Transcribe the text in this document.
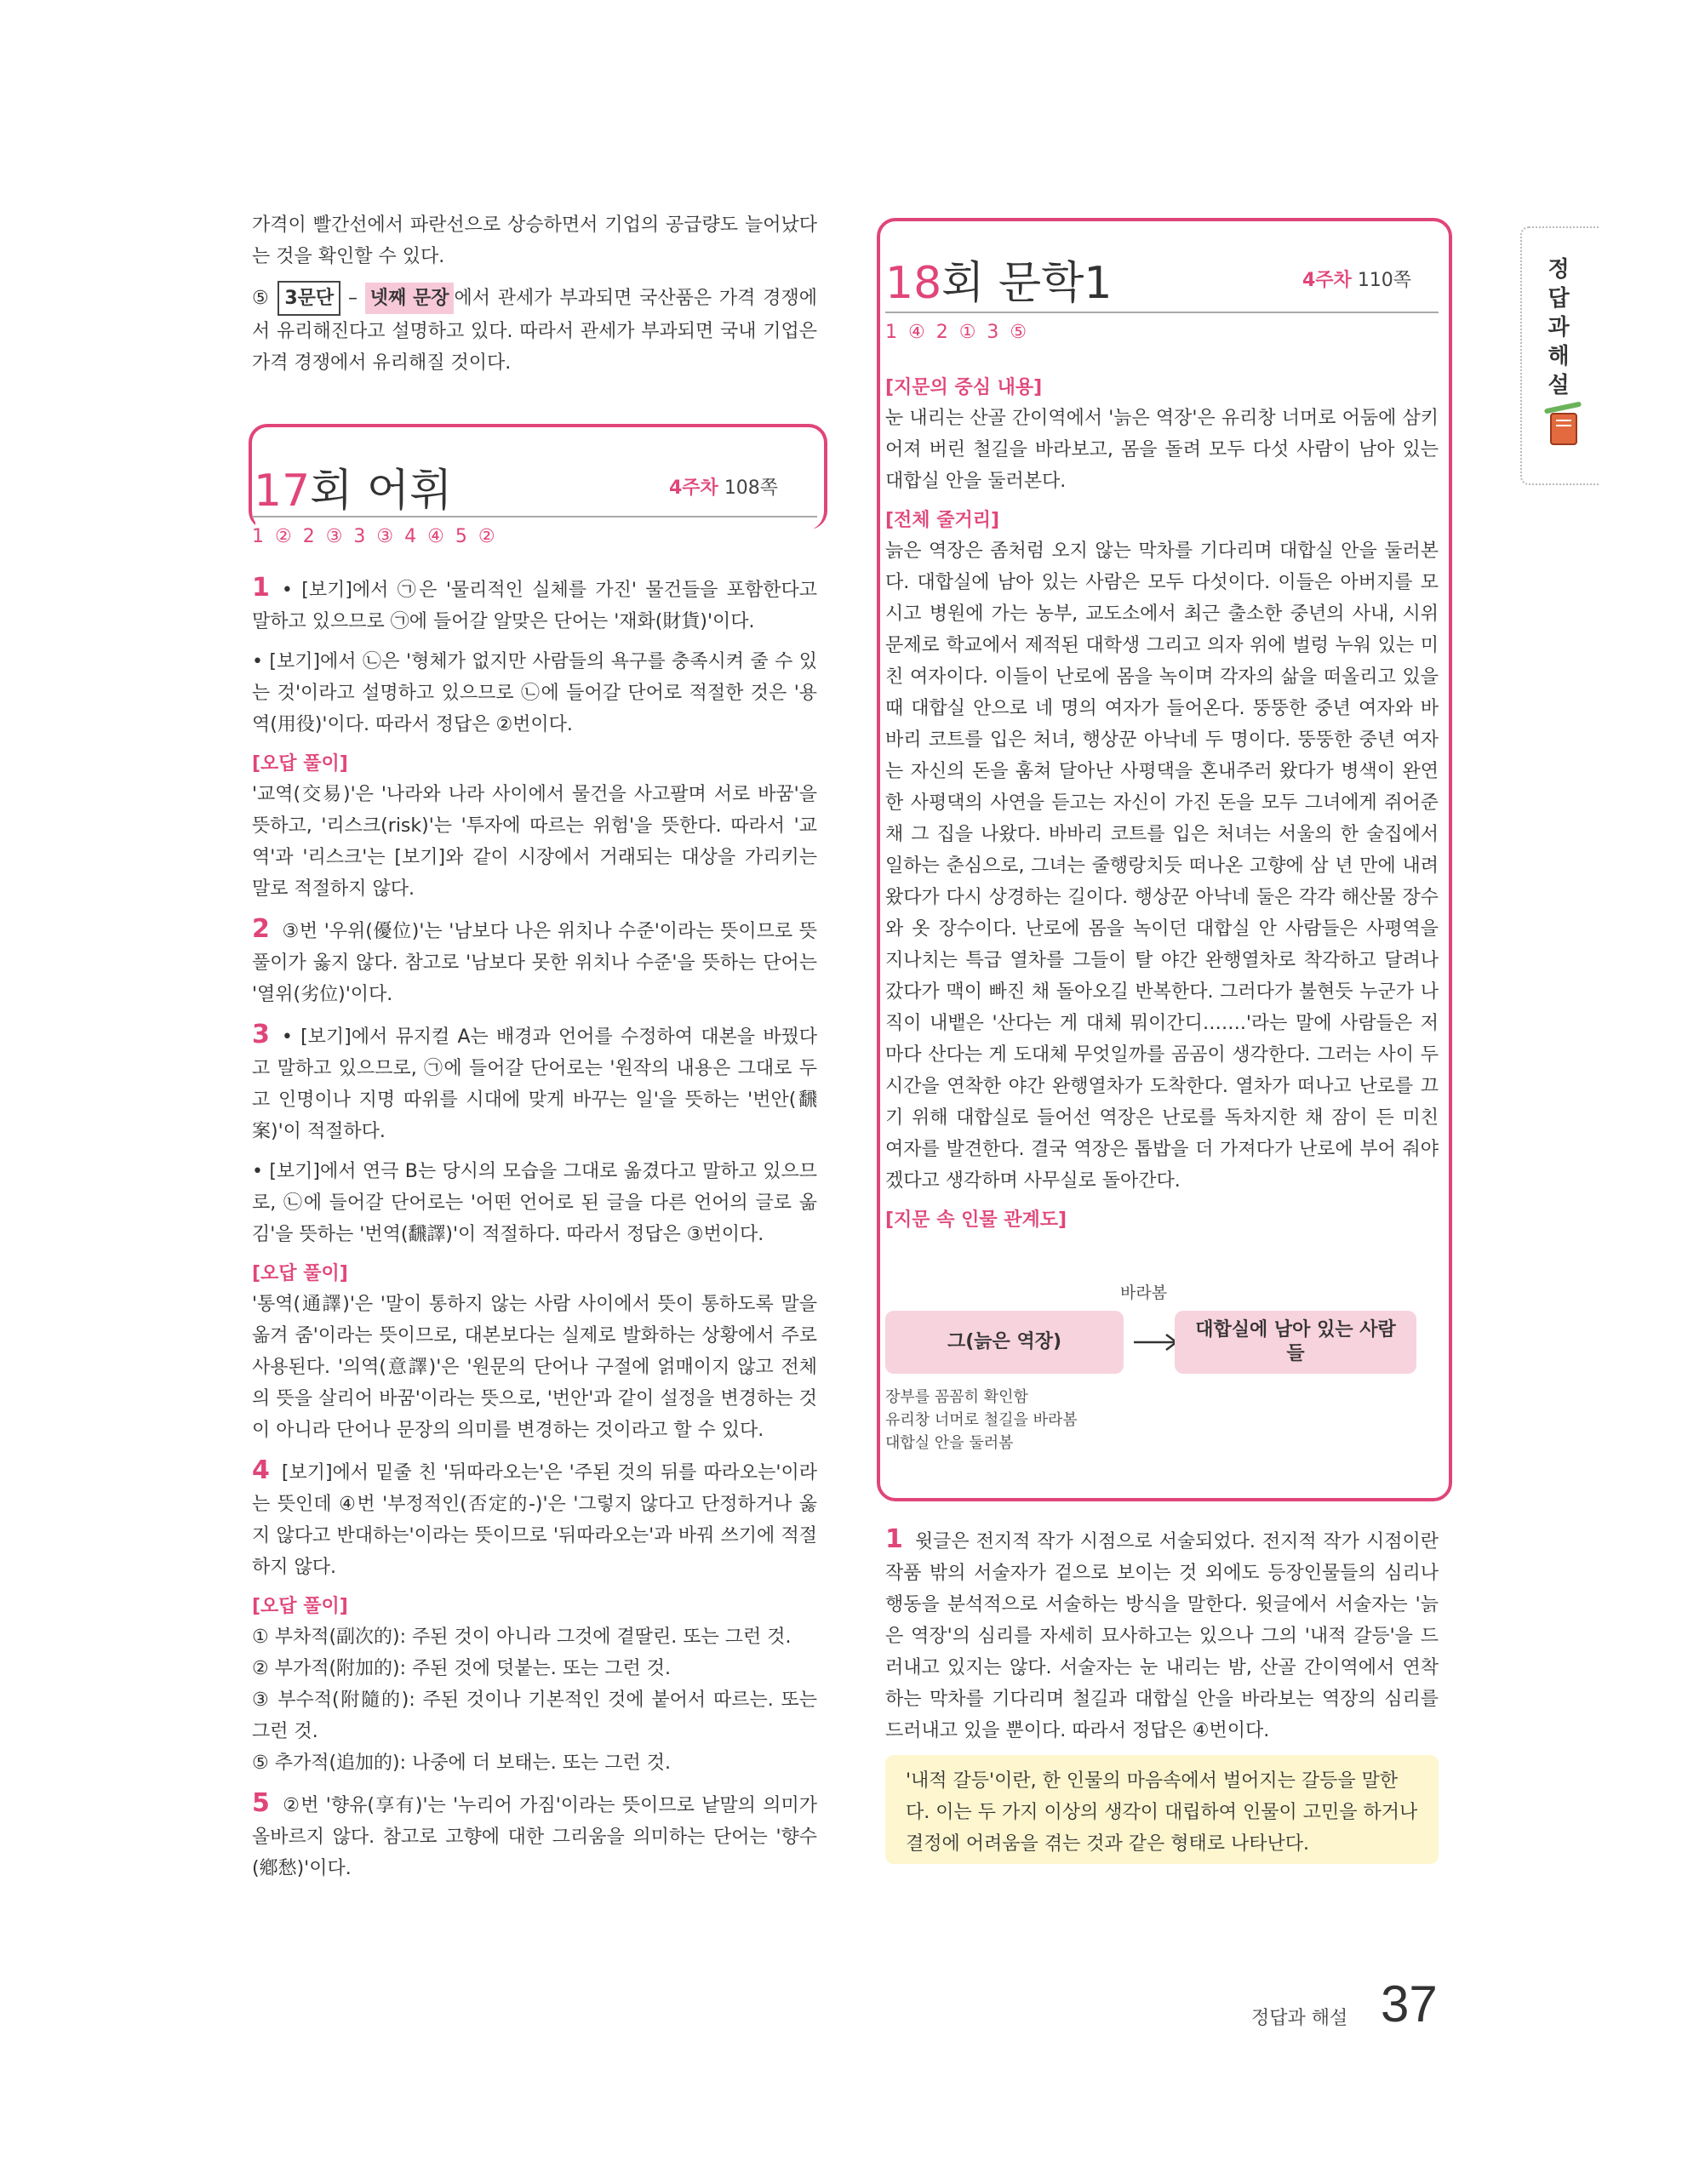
가격이 빨간선에서 파란선으로 상승하면서 기업의 공급량도 늘어났다는 것을 확인할 수 있다.

⑤ 3문단 – 넷째 문장 에서 관세가 부과되면 국산품은 가격 경쟁에서 유리해진다고 설명하고 있다. 따라서 관세가 부과되면 국내 기업은 가격 경쟁에서 유리해질 것이다.

17회 어휘	4주차 108쪽
1 ② 2 ③ 3 ③ 4 ④ 5 ②

1 • [보기]에서 ㉠은 '물리적인 실체를 가진' 물건들을 포함한다고 말하고 있으므로 ㉠에 들어갈 알맞은 단어는 '재화(財貨)'이다.

• [보기]에서 ㉡은 '형체가 없지만 사람들의 욕구를 충족시켜 줄 수 있는 것'이라고 설명하고 있으므로 ㉡에 들어갈 단어로 적절한 것은 '용역(用役)'이다. 따라서 정답은 ②번이다.

[오답 풀이]

'교역(交易)'은 '나라와 나라 사이에서 물건을 사고팔며 서로 바꿈'을 뜻하고, '리스크(risk)'는 '투자에 따르는 위험'을 뜻한다. 따라서 '교역'과 '리스크'는 [보기]와 같이 시장에서 거래되는 대상을 가리키는 말로 적절하지 않다.

2 ③번 '우위(優位)'는 '남보다 나은 위치나 수준'이라는 뜻이므로 뜻풀이가 옳지 않다. 참고로 '남보다 못한 위치나 수준'을 뜻하는 단어는 '열위(劣位)'이다.

3 • [보기]에서 뮤지컬 A는 배경과 언어를 수정하여 대본을 바꿨다고 말하고 있으므로, ㉠에 들어갈 단어로는 '원작의 내용은 그대로 두고 인명이나 지명 따위를 시대에 맞게 바꾸는 일'을 뜻하는 '번안(飜案)'이 적절하다.

• [보기]에서 연극 B는 당시의 모습을 그대로 옮겼다고 말하고 있으므로, ㉡에 들어갈 단어로는 '어떤 언어로 된 글을 다른 언어의 글로 옮김'을 뜻하는 '번역(飜譯)'이 적절하다. 따라서 정답은 ③번이다.

[오답 풀이]

'통역(通譯)'은 '말이 통하지 않는 사람 사이에서 뜻이 통하도록 말을 옮겨 줌'이라는 뜻이므로, 대본보다는 실제로 발화하는 상황에서 주로 사용된다. '의역(意譯)'은 '원문의 단어나 구절에 얽매이지 않고 전체의 뜻을 살리어 바꿈'이라는 뜻으로, '번안'과 같이 설정을 변경하는 것이 아니라 단어나 문장의 의미를 변경하는 것이라고 할 수 있다.

4 [보기]에서 밑줄 친 '뒤따라오는'은 '주된 것의 뒤를 따라오는'이라는 뜻인데 ④번 '부정적인(否定的-)'은 '그렇지 않다고 단정하거나 옳지 않다고 반대하는'이라는 뜻이므로 '뒤따라오는'과 바꿔 쓰기에 적절하지 않다.

[오답 풀이]

① 부차적(副次的): 주된 것이 아니라 그것에 곁딸린. 또는 그런 것.

② 부가적(附加的): 주된 것에 덧붙는. 또는 그런 것.

③ 부수적(附隨的): 주된 것이나 기본적인 것에 붙어서 따르는. 또는 그런 것.

⑤ 추가적(追加的): 나중에 더 보태는. 또는 그런 것.

5 ②번 '향유(享有)'는 '누리어 가짐'이라는 뜻이므로 낱말의 의미가 올바르지 않다. 참고로 고향에 대한 그리움을 의미하는 단어는 '향수(鄕愁)'이다.

18회 문학1	4주차 110쪽
1 ④ 2 ① 3 ⑤
[지문의 중심 내용]

눈 내리는 산골 간이역에서 '늙은 역장'은 유리창 너머로 어둠에 삼키어져 버린 철길을 바라보고, 몸을 돌려 모두 다섯 사람이 남아 있는 대합실 안을 둘러본다.

[전체 줄거리]

늙은 역장은 좀처럼 오지 않는 막차를 기다리며 대합실 안을 둘러본다. 대합실에 남아 있는 사람은 모두 다섯이다. 이들은 아버지를 모시고 병원에 가는 농부, 교도소에서 최근 출소한 중년의 사내, 시위 문제로 학교에서 제적된 대학생 그리고 의자 위에 벌렁 누워 있는 미친 여자이다. 이들이 난로에 몸을 녹이며 각자의 삶을 떠올리고 있을 때 대합실 안으로 네 명의 여자가 들어온다. 뚱뚱한 중년 여자와 바바리 코트를 입은 처녀, 행상꾼 아낙네 두 명이다. 뚱뚱한 중년 여자는 자신의 돈을 훔쳐 달아난 사평댁을 혼내주러 왔다가 병색이 완연한 사평댁의 사연을 듣고는 자신이 가진 돈을 모두 그녀에게 쥐어준 채 그 집을 나왔다. 바바리 코트를 입은 처녀는 서울의 한 술집에서 일하는 춘심으로, 그녀는 줄행랑치듯 떠나온 고향에 삼 년 만에 내려왔다가 다시 상경하는 길이다. 행상꾼 아낙네 둘은 각각 해산물 장수와 옷 장수이다. 난로에 몸을 녹이던 대합실 안 사람들은 사평역을 지나치는 특급 열차를 그들이 탈 야간 완행열차로 착각하고 달려나갔다가 맥이 빠진 채 돌아오길 반복한다. 그러다가 불현듯 누군가 나직이 내뱉은 '산다는 게 대체 뭐이간디…….'라는 말에 사람들은 저마다 산다는 게 도대체 무엇일까를 곰곰이 생각한다. 그러는 사이 두 시간을 연착한 야간 완행열차가 도착한다. 열차가 떠나고 난로를 끄기 위해 대합실로 들어선 역장은 난로를 독차지한 채 잠이 든 미친 여자를 발견한다. 결국 역장은 톱밥을 더 가져다가 난로에 부어 줘야겠다고 생각하며 사무실로 돌아간다.

[지문 속 인물 관계도]
바라봄
그(늙은 역장)
대합실에 남아 있는 사람들
장부를 꼼꼼히 확인함
유리창 너머로 철길을 바라봄
대합실 안을 둘러봄

1 윗글은 전지적 작가 시점으로 서술되었다. 전지적 작가 시점이란 작품 밖의 서술자가 겉으로 보이는 것 외에도 등장인물들의 심리나 행동을 분석적으로 서술하는 방식을 말한다. 윗글에서 서술자는 '늙은 역장'의 심리를 자세히 묘사하고는 있으나 그의 '내적 갈등'을 드러내고 있지는 않다. 서술자는 눈 내리는 밤, 산골 간이역에서 연착하는 막차를 기다리며 철길과 대합실 안을 바라보는 역장의 심리를 드러내고 있을 뿐이다. 따라서 정답은 ④번이다.

'내적 갈등'이란, 한 인물의 마음속에서 벌어지는 갈등을 말한다. 이는 두 가지 이상의 생각이 대립하여 인물이 고민을 하거나 결정에 어려움을 겪는 것과 같은 형태로 나타난다.
정답과해설
정답과 해설 37
